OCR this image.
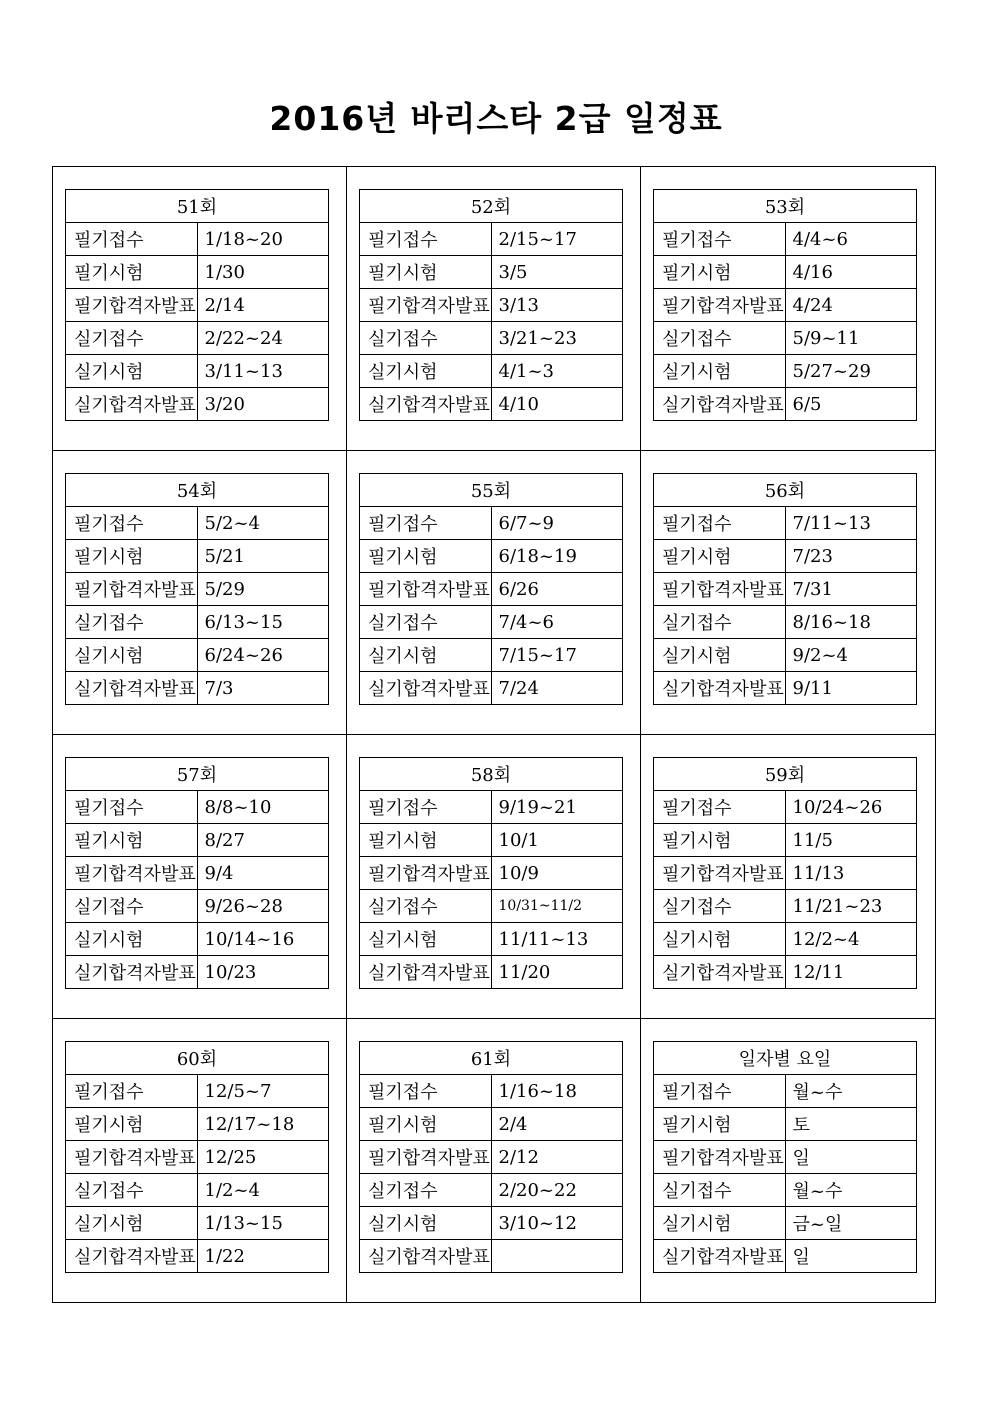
2016년 바리스타 2급 일정표
51회	
필기접수	1/18~20
필기시험	1/30
필기합격자발표	2/14
실기접수	2/22~24
실기시험	3/11~13
실기합격자발표	3/20
52회	
필기접수	2/15~17
필기시험	3/5
필기합격자발표	3/13
실기접수	3/21~23
실기시험	4/1~3
실기합격자발표	4/10
53회	
필기접수	4/4~6
필기시험	4/16
필기합격자발표	4/24
실기접수	5/9~11
실기시험	5/27~29
실기합격자발표	6/5
54회	
필기접수	5/2~4
필기시험	5/21
필기합격자발표	5/29
실기접수	6/13~15
실기시험	6/24~26
실기합격자발표	7/3
55회	
필기접수	6/7~9
필기시험	6/18~19
필기합격자발표	6/26
실기접수	7/4~6
실기시험	7/15~17
실기합격자발표	7/24
56회	
필기접수	7/11~13
필기시험	7/23
필기합격자발표	7/31
실기접수	8/16~18
실기시험	9/2~4
실기합격자발표	9/11
57회	
필기접수	8/8~10
필기시험	8/27
필기합격자발표	9/4
실기접수	9/26~28
실기시험	10/14~16
실기합격자발표	10/23
58회	
필기접수	9/19~21
필기시험	10/1
필기합격자발표	10/9
실기접수	10/31~11/2
실기시험	11/11~13
실기합격자발표	11/20
59회	
필기접수	10/24~26
필기시험	11/5
필기합격자발표	11/13
실기접수	11/21~23
실기시험	12/2~4
실기합격자발표	12/11
60회	
필기접수	12/5~7
필기시험	12/17~18
필기합격자발표	12/25
실기접수	1/2~4
실기시험	1/13~15
실기합격자발표	1/22
61회	
필기접수	1/16~18
필기시험	2/4
필기합격자발표	2/12
실기접수	2/20~22
실기시험	3/10~12
실기합격자발표	
일자별 요일	
필기접수	월~수
필기시험	토
필기합격자발표	일
실기접수	월~수
실기시험	금~일
실기합격자발표	일
